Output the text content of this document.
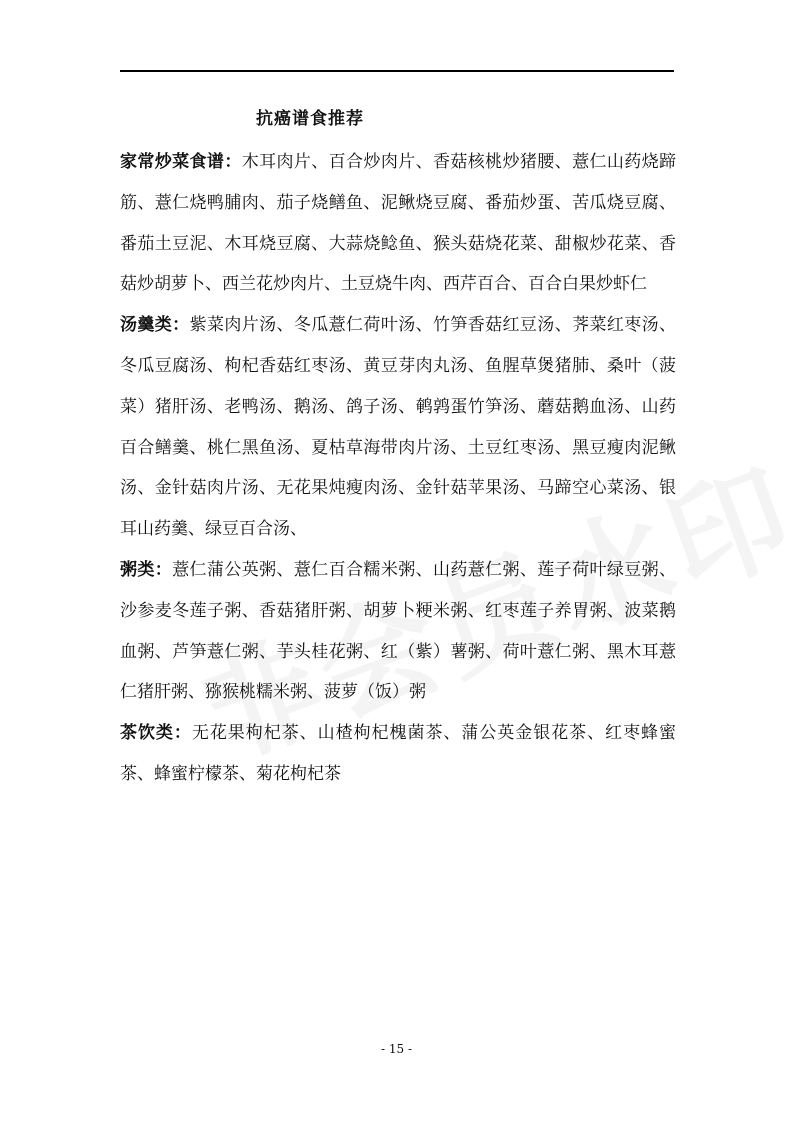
抗癌谱食推荐

家常炒菜食谱：木耳肉片、百合炒肉片、香菇核桃炒猪腰、薏仁山药烧蹄筋、薏仁烧鸭脯肉、茄子烧鳝鱼、泥鳅烧豆腐、番茄炒蛋、苦瓜烧豆腐、番茄土豆泥、木耳烧豆腐、大蒜烧鲶鱼、猴头菇烧花菜、甜椒炒花菜、香菇炒胡萝卜、西兰花炒肉片、土豆烧牛肉、西芹百合、百合白果炒虾仁

汤羹类：紫菜肉片汤、冬瓜薏仁荷叶汤、竹笋香菇红豆汤、荠菜红枣汤、冬瓜豆腐汤、枸杞香菇红枣汤、黄豆芽肉丸汤、鱼腥草煲猪肺、桑叶（菠菜）猪肝汤、老鸭汤、鹅汤、鸽子汤、鹌鹑蛋竹笋汤、蘑菇鹅血汤、山药百合鳝羹、桃仁黑鱼汤、夏枯草海带肉片汤、土豆红枣汤、黑豆瘦肉泥鳅汤、金针菇肉片汤、无花果炖瘦肉汤、金针菇苹果汤、马蹄空心菜汤、银耳山药羹、绿豆百合汤、

粥类：薏仁蒲公英粥、薏仁百合糯米粥、山药薏仁粥、莲子荷叶绿豆粥、沙参麦冬莲子粥、香菇猪肝粥、胡萝卜粳米粥、红枣莲子养胃粥、波菜鹅血粥、芦笋薏仁粥、芋头桂花粥、红（紫）薯粥、荷叶薏仁粥、黑木耳薏仁猪肝粥、猕猴桃糯米粥、菠萝（饭）粥

茶饮类：无花果枸杞茶、山楂枸杞槐菌茶、蒲公英金银花茶、红枣蜂蜜茶、蜂蜜柠檬茶、菊花枸杞茶

- 15 -
